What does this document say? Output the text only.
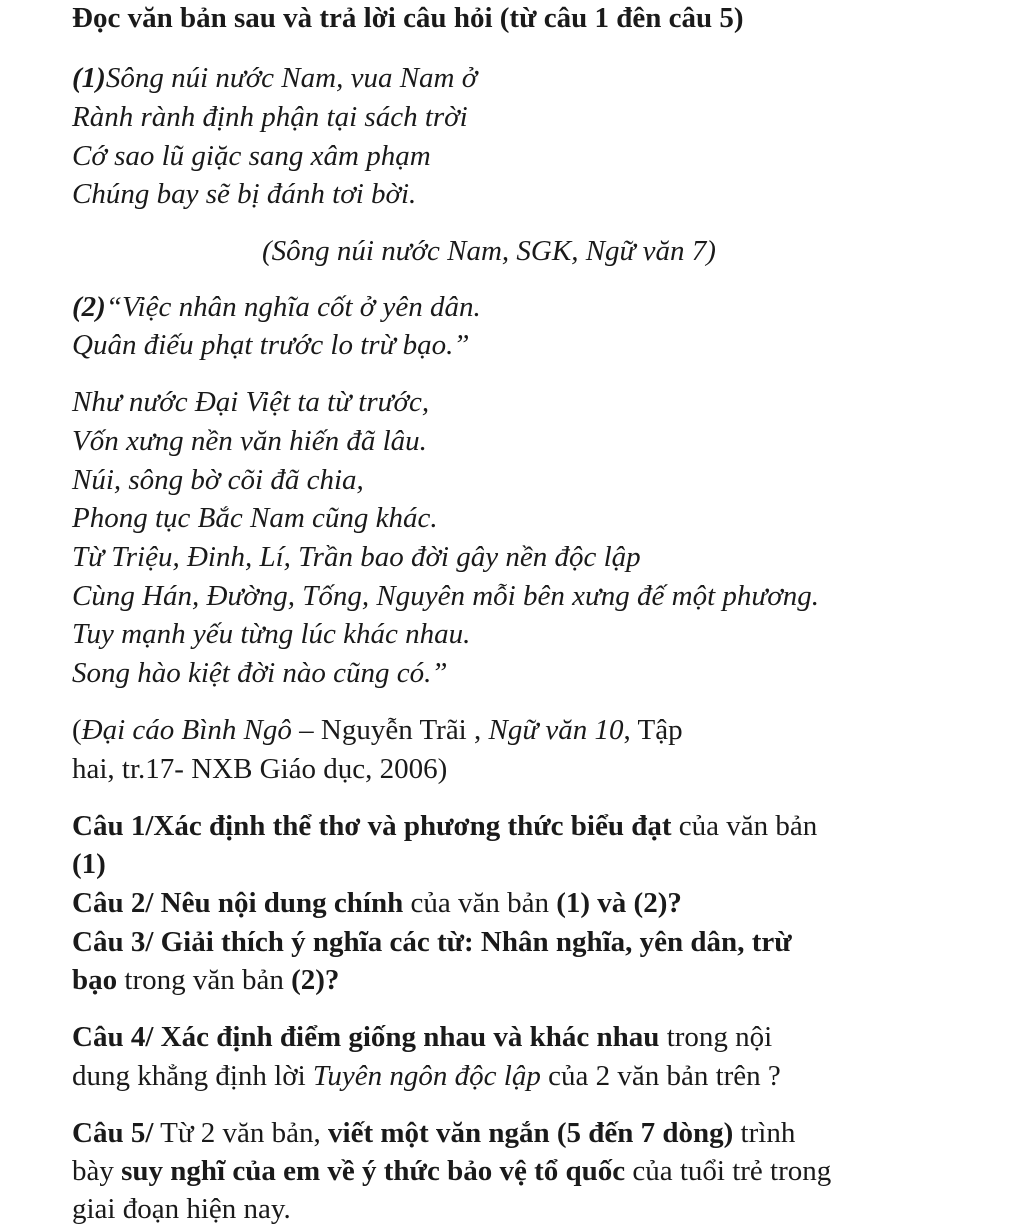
Đọc văn bản sau và trả lời câu hỏi (từ câu 1 đên câu 5)
(1)Sông núi nước Nam, vua Nam ở
Rành rành định phận tại sách trời
Cớ sao lũ giặc sang xâm phạm
Chúng bay sẽ bị đánh tơi bời.
(Sông núi nước Nam, SGK, Ngữ văn 7)
(2)“Việc nhân nghĩa cốt ở yên dân.
Quân điếu phạt trước lo trừ bạo.”
Như nước Đại Việt ta từ trước,
Vốn xưng nền văn hiến đã lâu.
Núi, sông bờ cõi đã chia,
Phong tục Bắc Nam cũng khác.
Từ Triệu, Đinh, Lí, Trần bao đời gây nền độc lập
Cùng Hán, Đường, Tống, Nguyên mỗi bên xưng đế một phương.
Tuy mạnh yếu từng lúc khác nhau.
Song hào kiệt đời nào cũng có.”
(Đại cáo Bình Ngô – Nguyễn Trãi , Ngữ văn 10, Tập
hai, tr.17- NXB Giáo dục, 2006)
Câu 1/Xác định thể thơ và phương thức biểu đạt của văn bản
(1)
Câu 2/ Nêu nội dung chính của văn bản (1) và (2)?
Câu 3/ Giải thích ý nghĩa các từ: Nhân nghĩa, yên dân, trừ
bạo trong văn bản (2)?
Câu 4/ Xác định điểm giống nhau và khác nhau trong nội
dung khẳng định lời Tuyên ngôn độc lập của 2 văn bản trên ?
Câu 5/ Từ 2 văn bản, viết một văn ngắn (5 đến 7 dòng) trình
bày suy nghĩ của em về ý thức bảo vệ tổ quốc của tuổi trẻ trong
giai đoạn hiện nay.
